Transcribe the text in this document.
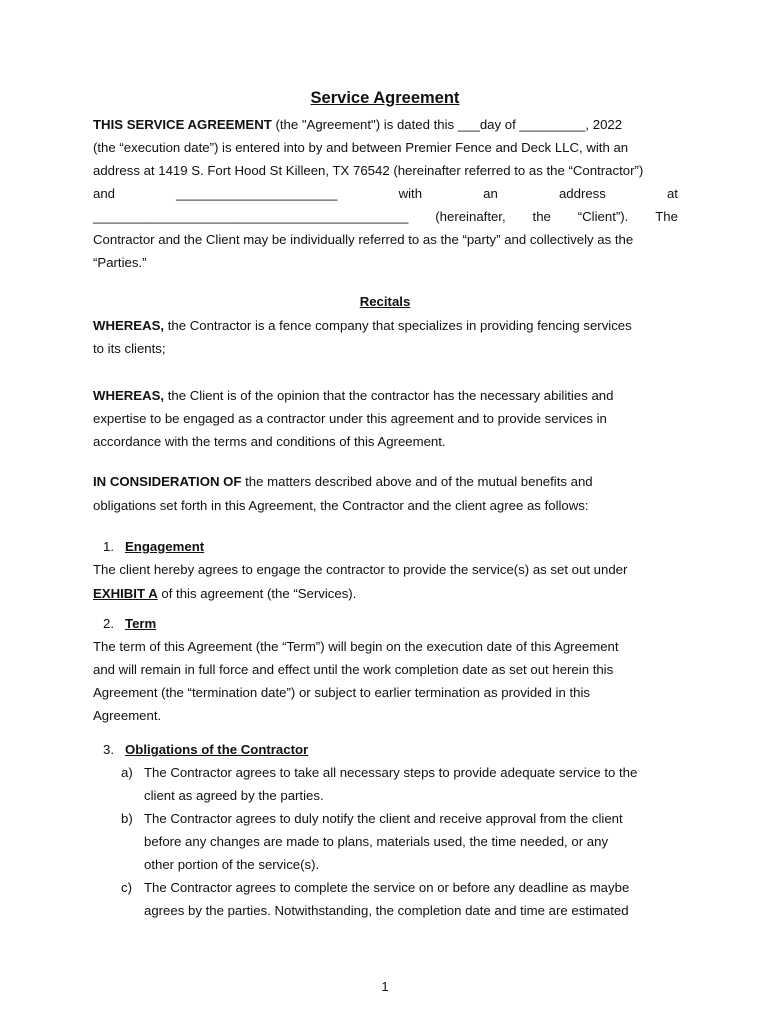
Service Agreement
THIS SERVICE AGREEMENT (the "Agreement") is dated this ___day of _________, 2022
(the “execution date”) is entered into by and between Premier Fence and Deck LLC, with an
address at 1419 S. Fort Hood St Killeen, TX 76542 (hereinafter referred to as the “Contractor”)
and	______________________	with	an	address	at
___________________________________________ (hereinafter, the “Client”). The
Contractor and the Client may be individually referred to as the “party” and collectively as the
“Parties.”
Recitals
WHEREAS, the Contractor is a fence company that specializes in providing fencing services
to its clients;
WHEREAS, the Client is of the opinion that the contractor has the necessary abilities and
expertise to be engaged as a contractor under this agreement and to provide services in
accordance with the terms and conditions of this Agreement.
IN CONSIDERATION OF the matters described above and of the mutual benefits and
obligations set forth in this Agreement, the Contractor and the client agree as follows:
1. Engagement
The client hereby agrees to engage the contractor to provide the service(s) as set out under
EXHIBIT A of this agreement (the “Services).
2. Term
The term of this Agreement (the “Term”) will begin on the execution date of this Agreement
and will remain in full force and effect until the work completion date as set out herein this
Agreement (the “termination date”) or subject to earlier termination as provided in this
Agreement.
3. Obligations of the Contractor
a) The Contractor agrees to take all necessary steps to provide adequate service to the
client as agreed by the parties.
b) The Contractor agrees to duly notify the client and receive approval from the client
before any changes are made to plans, materials used, the time needed, or any
other portion of the service(s).
c) The Contractor agrees to complete the service on or before any deadline as maybe
agrees by the parties. Notwithstanding, the completion date and time are estimated
1
